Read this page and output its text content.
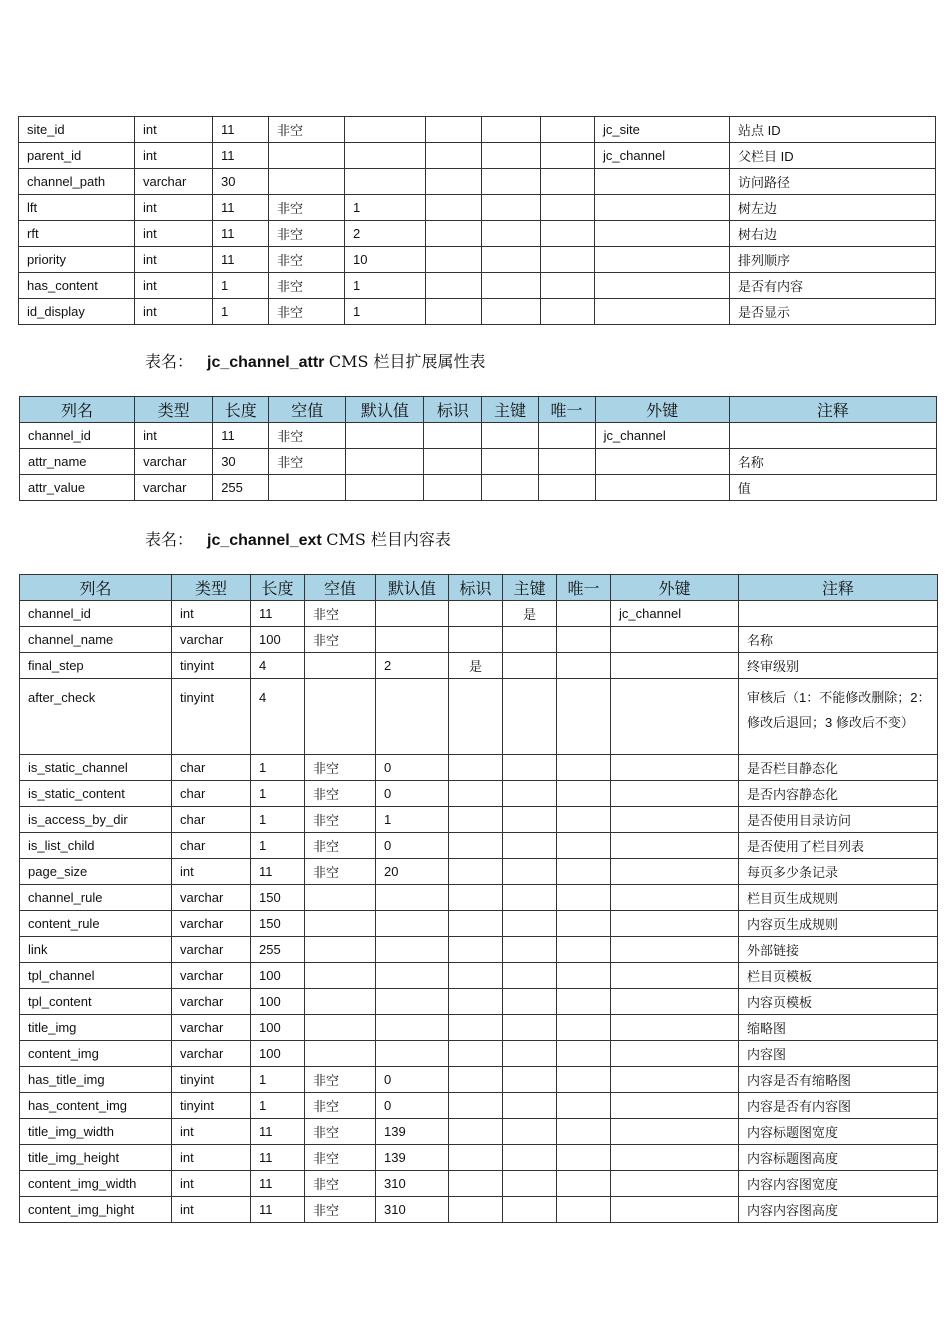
site_id	int	11	非空					jc_site	站点 ID
parent_id	int	11						jc_channel	父栏目 ID
channel_path	varchar	30							访问路径
lft	int	11	非空	1					树左边
rft	int	11	非空	2					树右边
priority	int	11	非空	10					排列顺序
has_content	int	1	非空	1					是否有内容
id_display	int	1	非空	1					是否显示
表名： jc_channel_attr CMS 栏目扩展属性表
列名	类型	长度	空值	默认值	标识	主键	唯一	外键	注释
channel_id	int	11	非空					jc_channel	
attr_name	varchar	30	非空						名称
attr_value	varchar	255							值
表名： jc_channel_ext CMS 栏目内容表
列名	类型	长度	空值	默认值	标识	主键	唯一	外键	注释
channel_id	int	11	非空			是		jc_channel	
channel_name	varchar	100	非空						名称
final_step	tinyint	4		2	是				终审级别
after_check	tinyint	4							审核后（1：不能修改删除；2：修改后退回；3 修改后不变）
is_static_channel	char	1	非空	0					是否栏目静态化
is_static_content	char	1	非空	0					是否内容静态化
is_access_by_dir	char	1	非空	1					是否使用目录访问
is_list_child	char	1	非空	0					是否使用了栏目列表
page_size	int	11	非空	20					每页多少条记录
channel_rule	varchar	150							栏目页生成规则
content_rule	varchar	150							内容页生成规则
link	varchar	255							外部链接
tpl_channel	varchar	100							栏目页模板
tpl_content	varchar	100							内容页模板
title_img	varchar	100							缩略图
content_img	varchar	100							内容图
has_title_img	tinyint	1	非空	0					内容是否有缩略图
has_content_img	tinyint	1	非空	0					内容是否有内容图
title_img_width	int	11	非空	139					内容标题图宽度
title_img_height	int	11	非空	139					内容标题图高度
content_img_width	int	11	非空	310					内容内容图宽度
content_img_hight	int	11	非空	310					内容内容图高度
